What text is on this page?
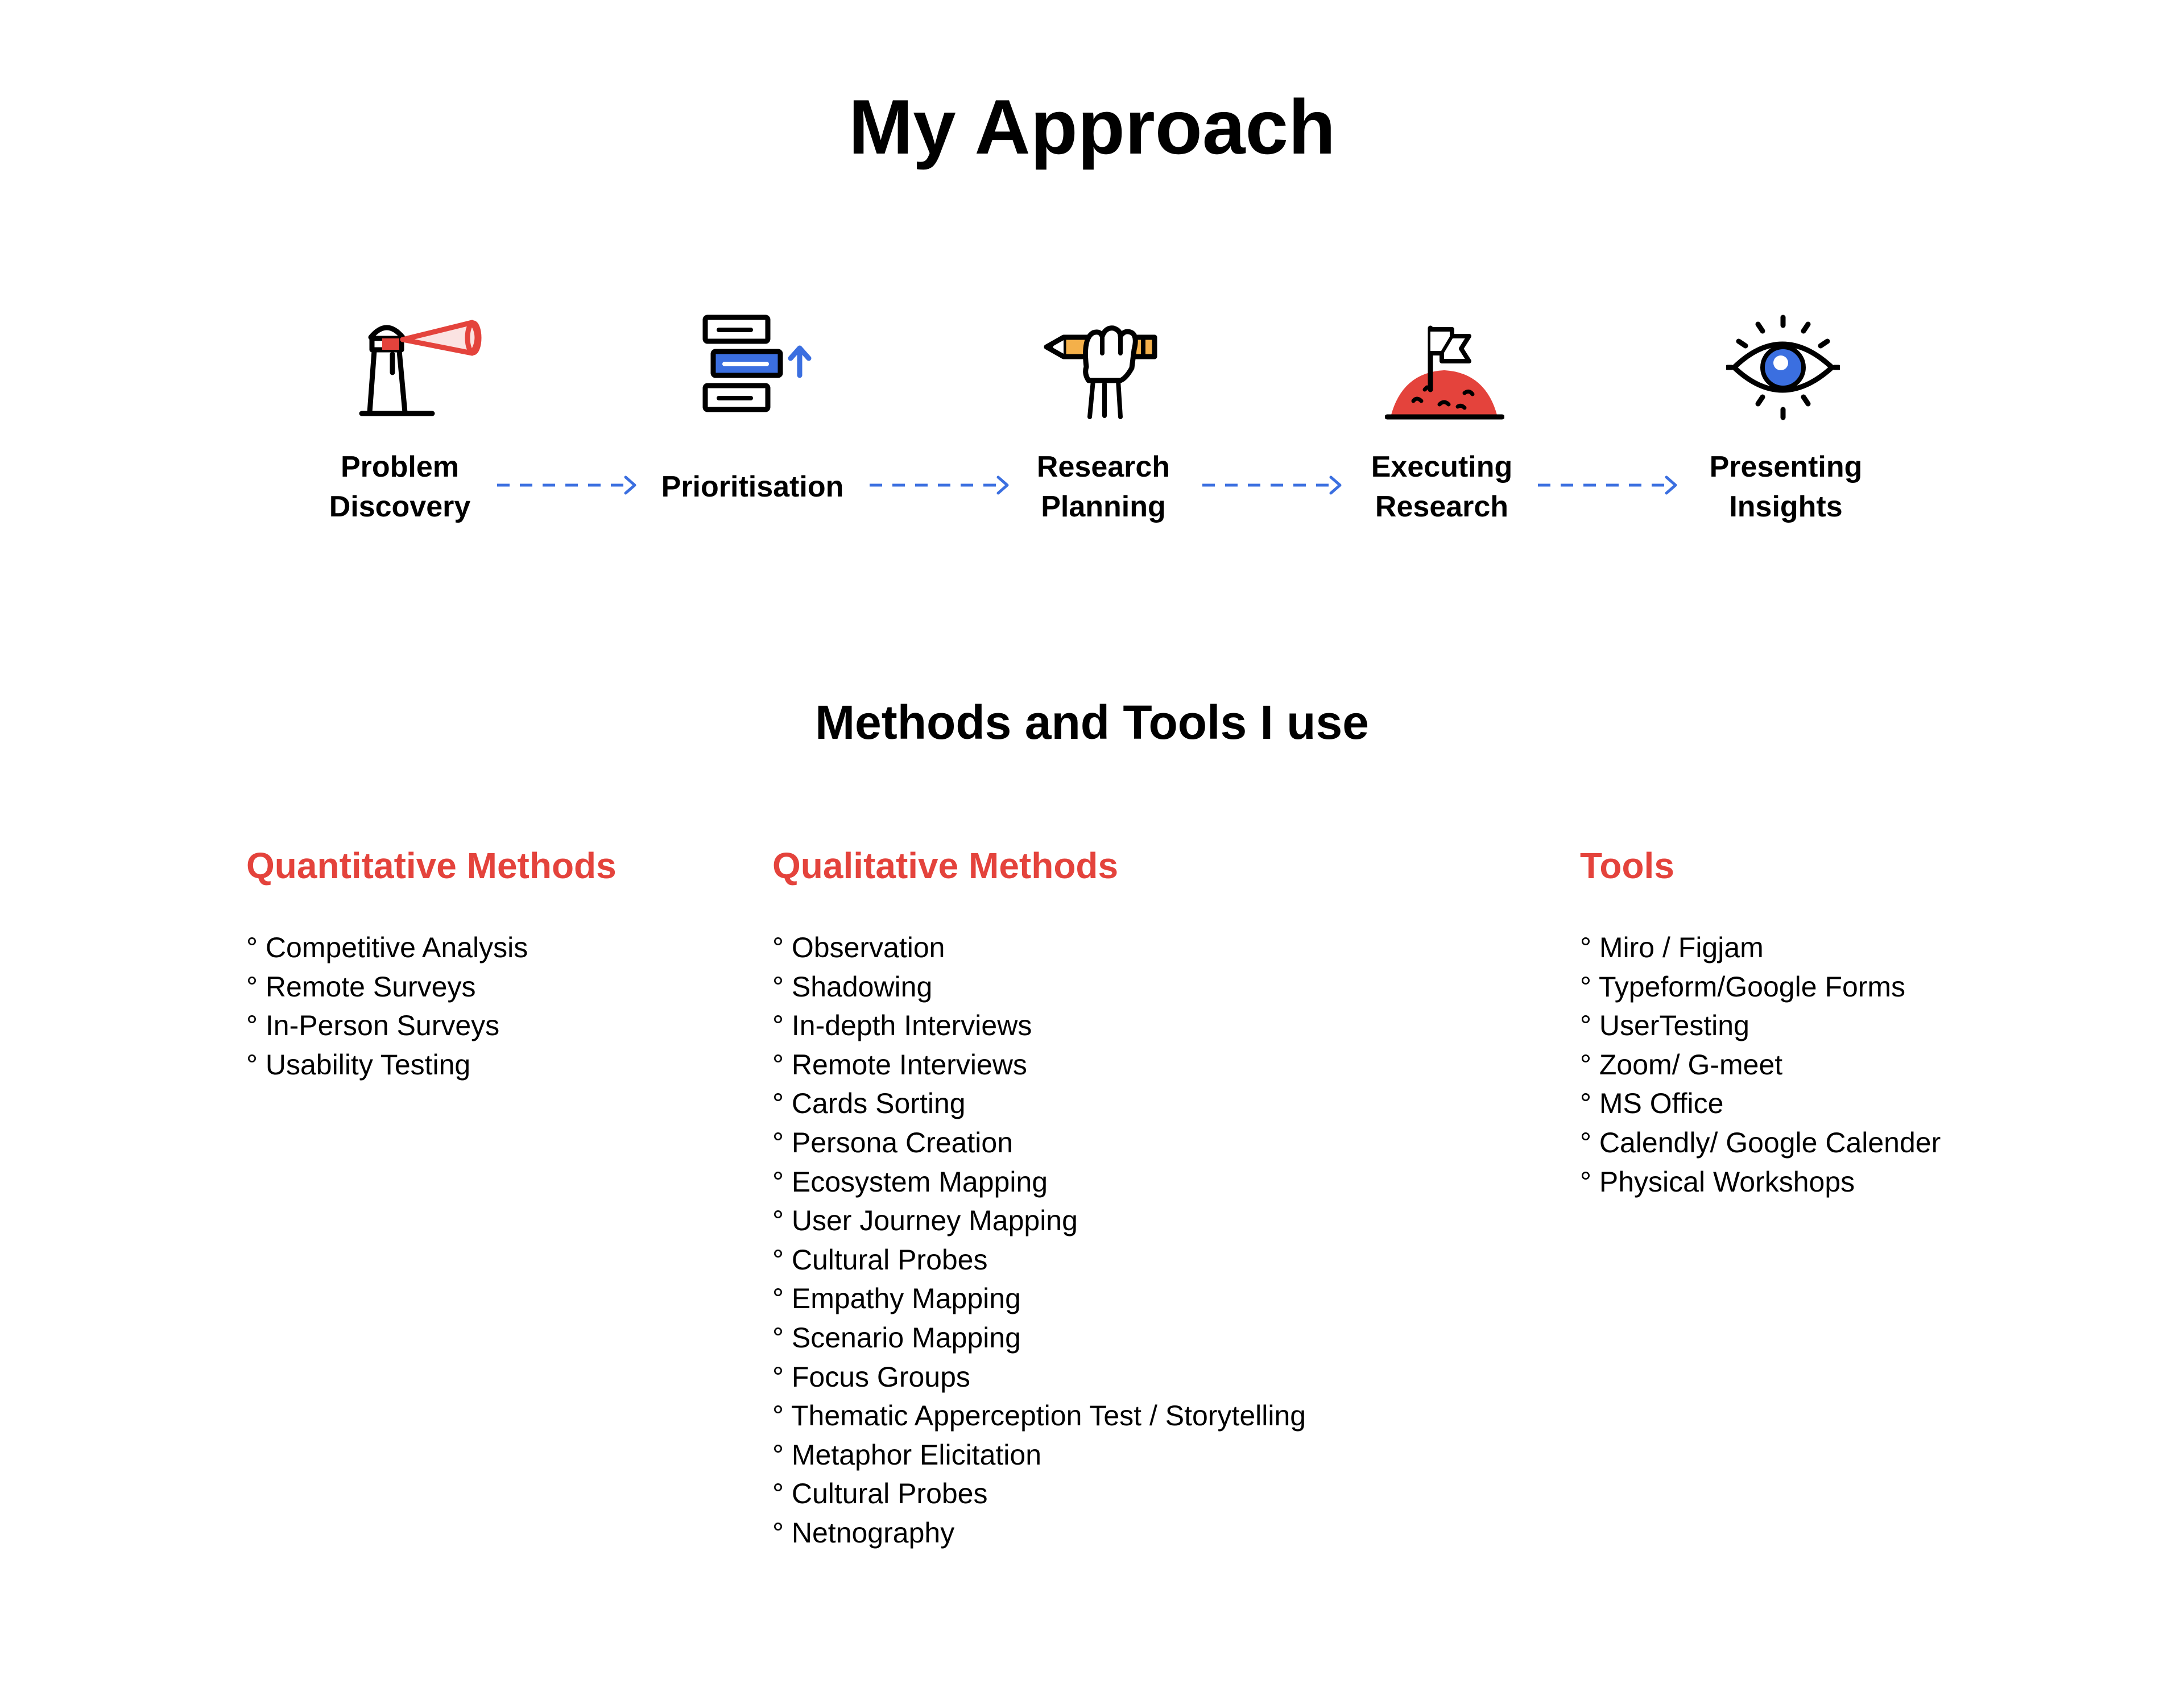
My Approach
Problem
Discovery
Prioritisation
Research
Planning
Executing
Research
Presenting
Insights
Methods and Tools I use
Quantitative Methods
° Competitive Analysis
° Remote Surveys
° In-Person Surveys
° Usability Testing
Qualitative Methods
° Observation
° Shadowing
° In-depth Interviews
° Remote Interviews
° Cards Sorting
° Persona Creation
° Ecosystem Mapping
° User Journey Mapping
° Cultural Probes
° Empathy Mapping
° Scenario Mapping
° Focus Groups
° Thematic Apperception Test / Storytelling
° Metaphor Elicitation
° Cultural Probes
° Netnography
Tools
° Miro / Figjam
° Typeform/Google Forms
° UserTesting
° Zoom/ G-meet
° MS Office
° Calendly/ Google Calender
° Physical Workshops
